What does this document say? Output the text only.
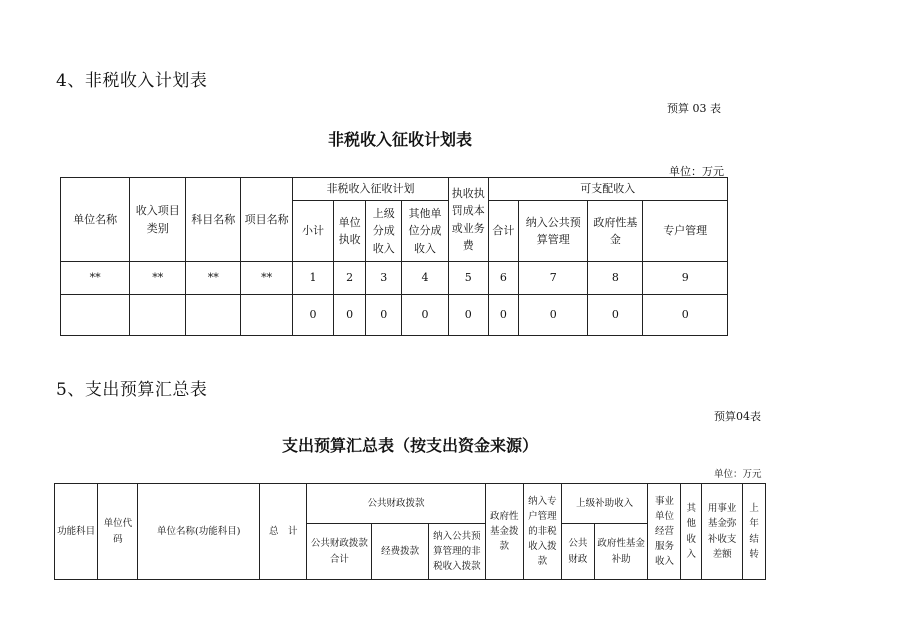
4、非税收入计划表
预算 03 表
非税收入征收计划表
单位：万元
单位名称	收入项目类别	科目名称	项目名称	非税收入征收计划				执收执罚成本或业务费	可支配收入			
				小计	单位执收	上级分成收入	其他单位分成收入		合计	纳入公共预算管理	政府性基金	专户管理
**	**	**	**	1	2	3	4	5	6	7	8	9
				0	0	0	0	0	0	0	0	0
5、支出预算汇总表
预算04表
支出预算汇总表（按支出资金来源）
单位：万元
功能科目	单位代码	单位名称(功能科目)	总　计	公共财政拨款			政府性基金拨款	纳入专户管理的非税收入拨款	上级补助收入		事业单位经营服务收入	其他收入	用事业基金弥补收支差额	上年结转
				公共财政拨款合计	经费拨款	纳入公共预算管理的非税收入拨款			公共财政	政府性基金补助				
